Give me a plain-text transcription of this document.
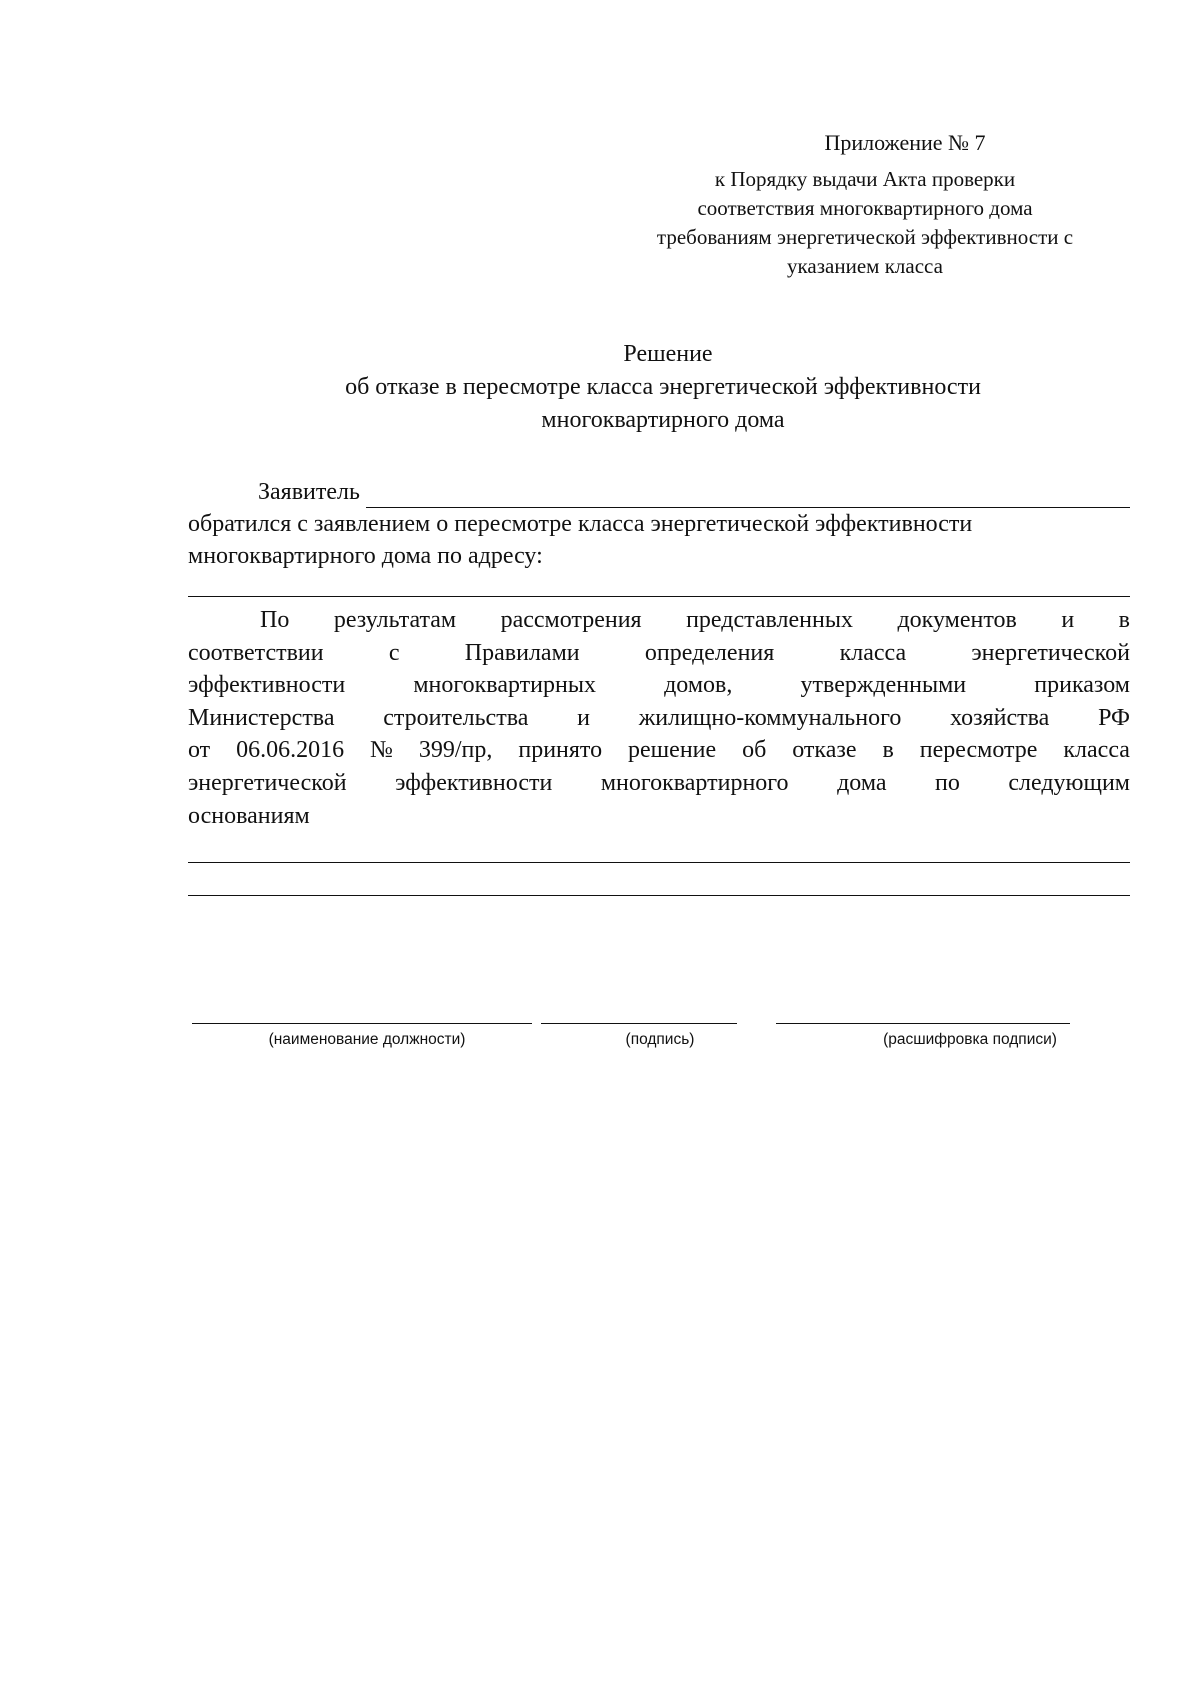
Приложение № 7
к Порядку выдачи Акта проверки
соответствия многоквартирного дома
требованиям энергетической эффективности с
указанием класса
Решение
об отказе в пересмотре класса энергетической эффективности
многоквартирного дома
Заявитель
обратился с заявлением о пересмотре класса энергетической эффективности
многоквартирного дома по адресу:
По результатам рассмотрения представленных документов и в
соответствии	с	Правилами	определения	класса	энергетической
эффективности	многоквартирных	домов,	утвержденными	приказом
Министерства строительства и жилищно-коммунального хозяйства РФ
от 06.06.2016 № 399/пр, принято решение об отказе в пересмотре класса
энергетической эффективности многоквартирного дома по следующим
основаниям
(наименование должности)	(подпись)	(расшифровка подписи)
